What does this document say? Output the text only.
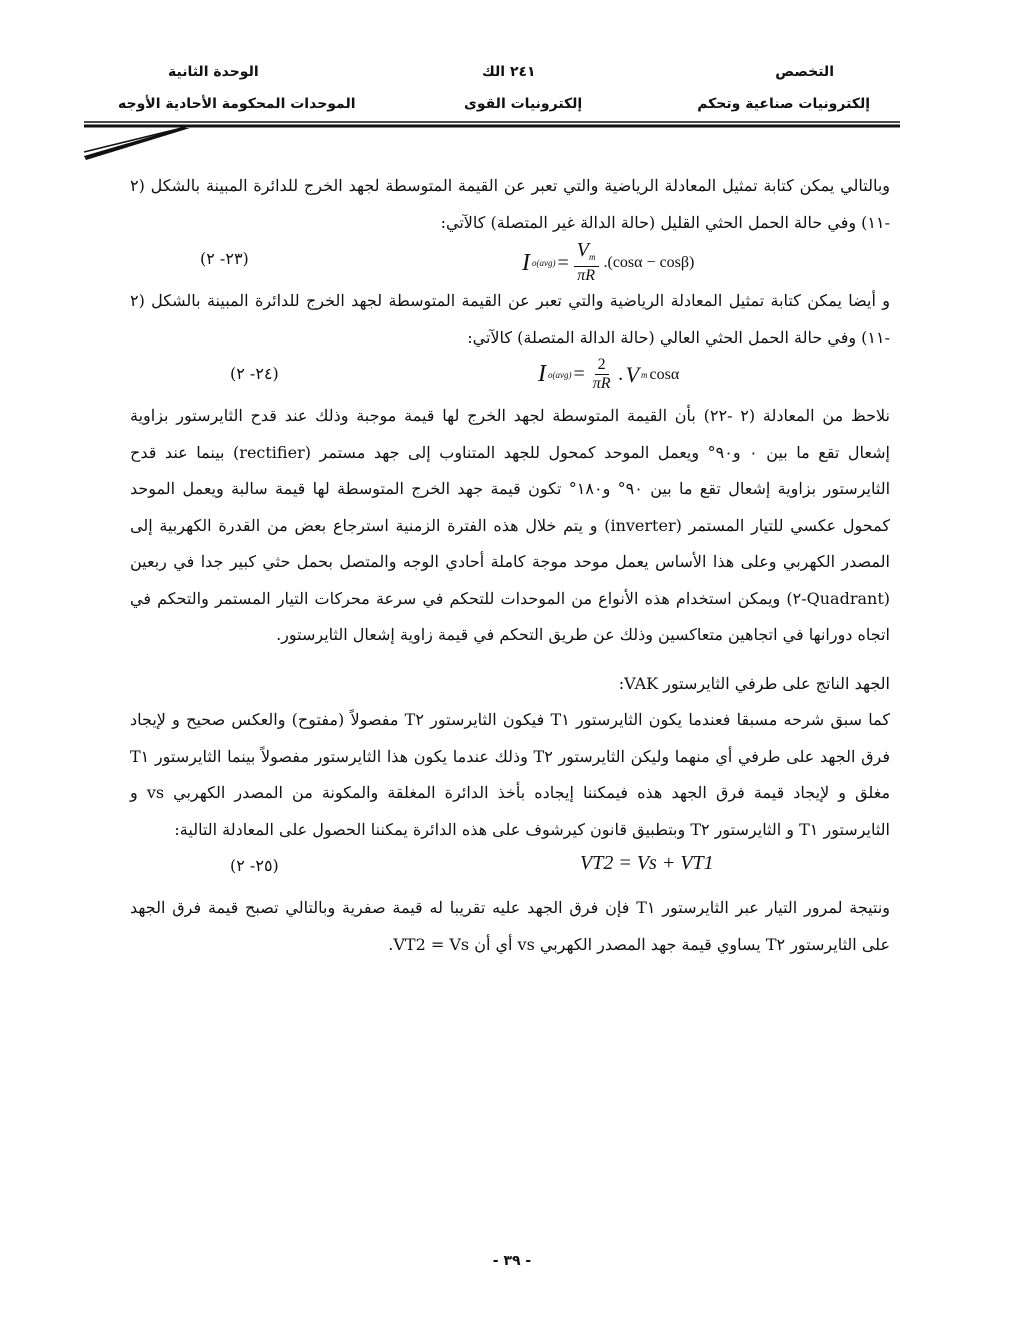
التخصص
إلكترونيات صناعية وتحكم
٢٤١ الك
إلكترونيات القوى
الوحدة الثانية
الموحدات المحكومة الأحادية الأوجه

وبالتالي يمكن كتابة تمثيل المعادلة الرياضية والتي تعبر عن القيمة المتوسطة لجهد الخرج للدائرة المبينة بالشكل (٢ -١١) وفي حالة الحمل الحثي القليل (حالة الدالة غير المتصلة) كالآتي:

(٢٣- ٢)	I $o(avg) = \frac{V_m}{\pi R} .(\cos\alpha - \cos\beta)$

و أيضا يمكن كتابة تمثيل المعادلة الرياضية والتي تعبر عن القيمة المتوسطة لجهد الخرج للدائرة المبينة بالشكل (٢ -١١) وفي حالة الحمل الحثي العالي (حالة الدالة المتصلة) كالآتي:

(٢٤- ٢)	I $o(avg) = \frac{2}{\pi R}$ . V m cosα

نلاحظ من المعادلة (٢ -٢٢) بأن القيمة المتوسطة لجهد الخرج لها قيمة موجبة وذلك عند قدح الثايرستور بزاوية إشعال تقع ما بين ٠ و٩٠° ويعمل الموحد كمحول للجهد المتناوب إلى جهد مستمر (rectifier) بينما عند قدح الثايرستور بزاوية إشعال تقع ما بين ٩٠° و١٨٠° تكون قيمة جهد الخرج المتوسطة لها قيمة سالبة ويعمل الموحد كمحول عكسي للتيار المستمر (inverter) و يتم خلال هذه الفترة الزمنية استرجاع بعض من القدرة الكهربية إلى المصدر الكهربي وعلى هذا الأساس يعمل موحد موجة كاملة أحادي الوجه والمتصل بحمل حثي كبير جدا في ربعين (Quadrant-٢) ويمكن استخدام هذه الأنواع من الموحدات للتحكم في سرعة محركات التيار المستمر والتحكم في اتجاه دورانها في اتجاهين متعاكسين وذلك عن طريق التحكم في قيمة زاوية إشعال الثايرستور.

الجهد الناتج على طرفي الثايرستور VAK:

كما سبق شرحه مسبقا فعندما يكون الثايرستور T١ فيكون الثايرستور T٢ مفصولاً (مفتوح) والعكس صحيح و لإيجاد فرق الجهد على طرفي أي منهما وليكن الثايرستور T٢ وذلك عندما يكون هذا الثايرستور مفصولاً بينما الثايرستور T١ مغلق و لإيجاد قيمة فرق الجهد هذه فيمكننا إيجاده بأخذ الدائرة المغلقة والمكونة من المصدر الكهربي vs و الثايرستور T١ و الثايرستور T٢ وبتطبيق قانون كيرشوف على هذه الدائرة يمكننا الحصول على المعادلة التالية:

(٢٥- ٢)	VT2 = Vs + VT1

ونتيجة لمرور التيار عبر الثايرستور T١ فإن فرق الجهد عليه تقريبا له قيمة صفرية وبالتالي تصبح قيمة فرق الجهد على الثايرستور T٢ يساوي قيمة جهد المصدر الكهربي vs أي أن VT2 = Vs.

- ٣٩ -
